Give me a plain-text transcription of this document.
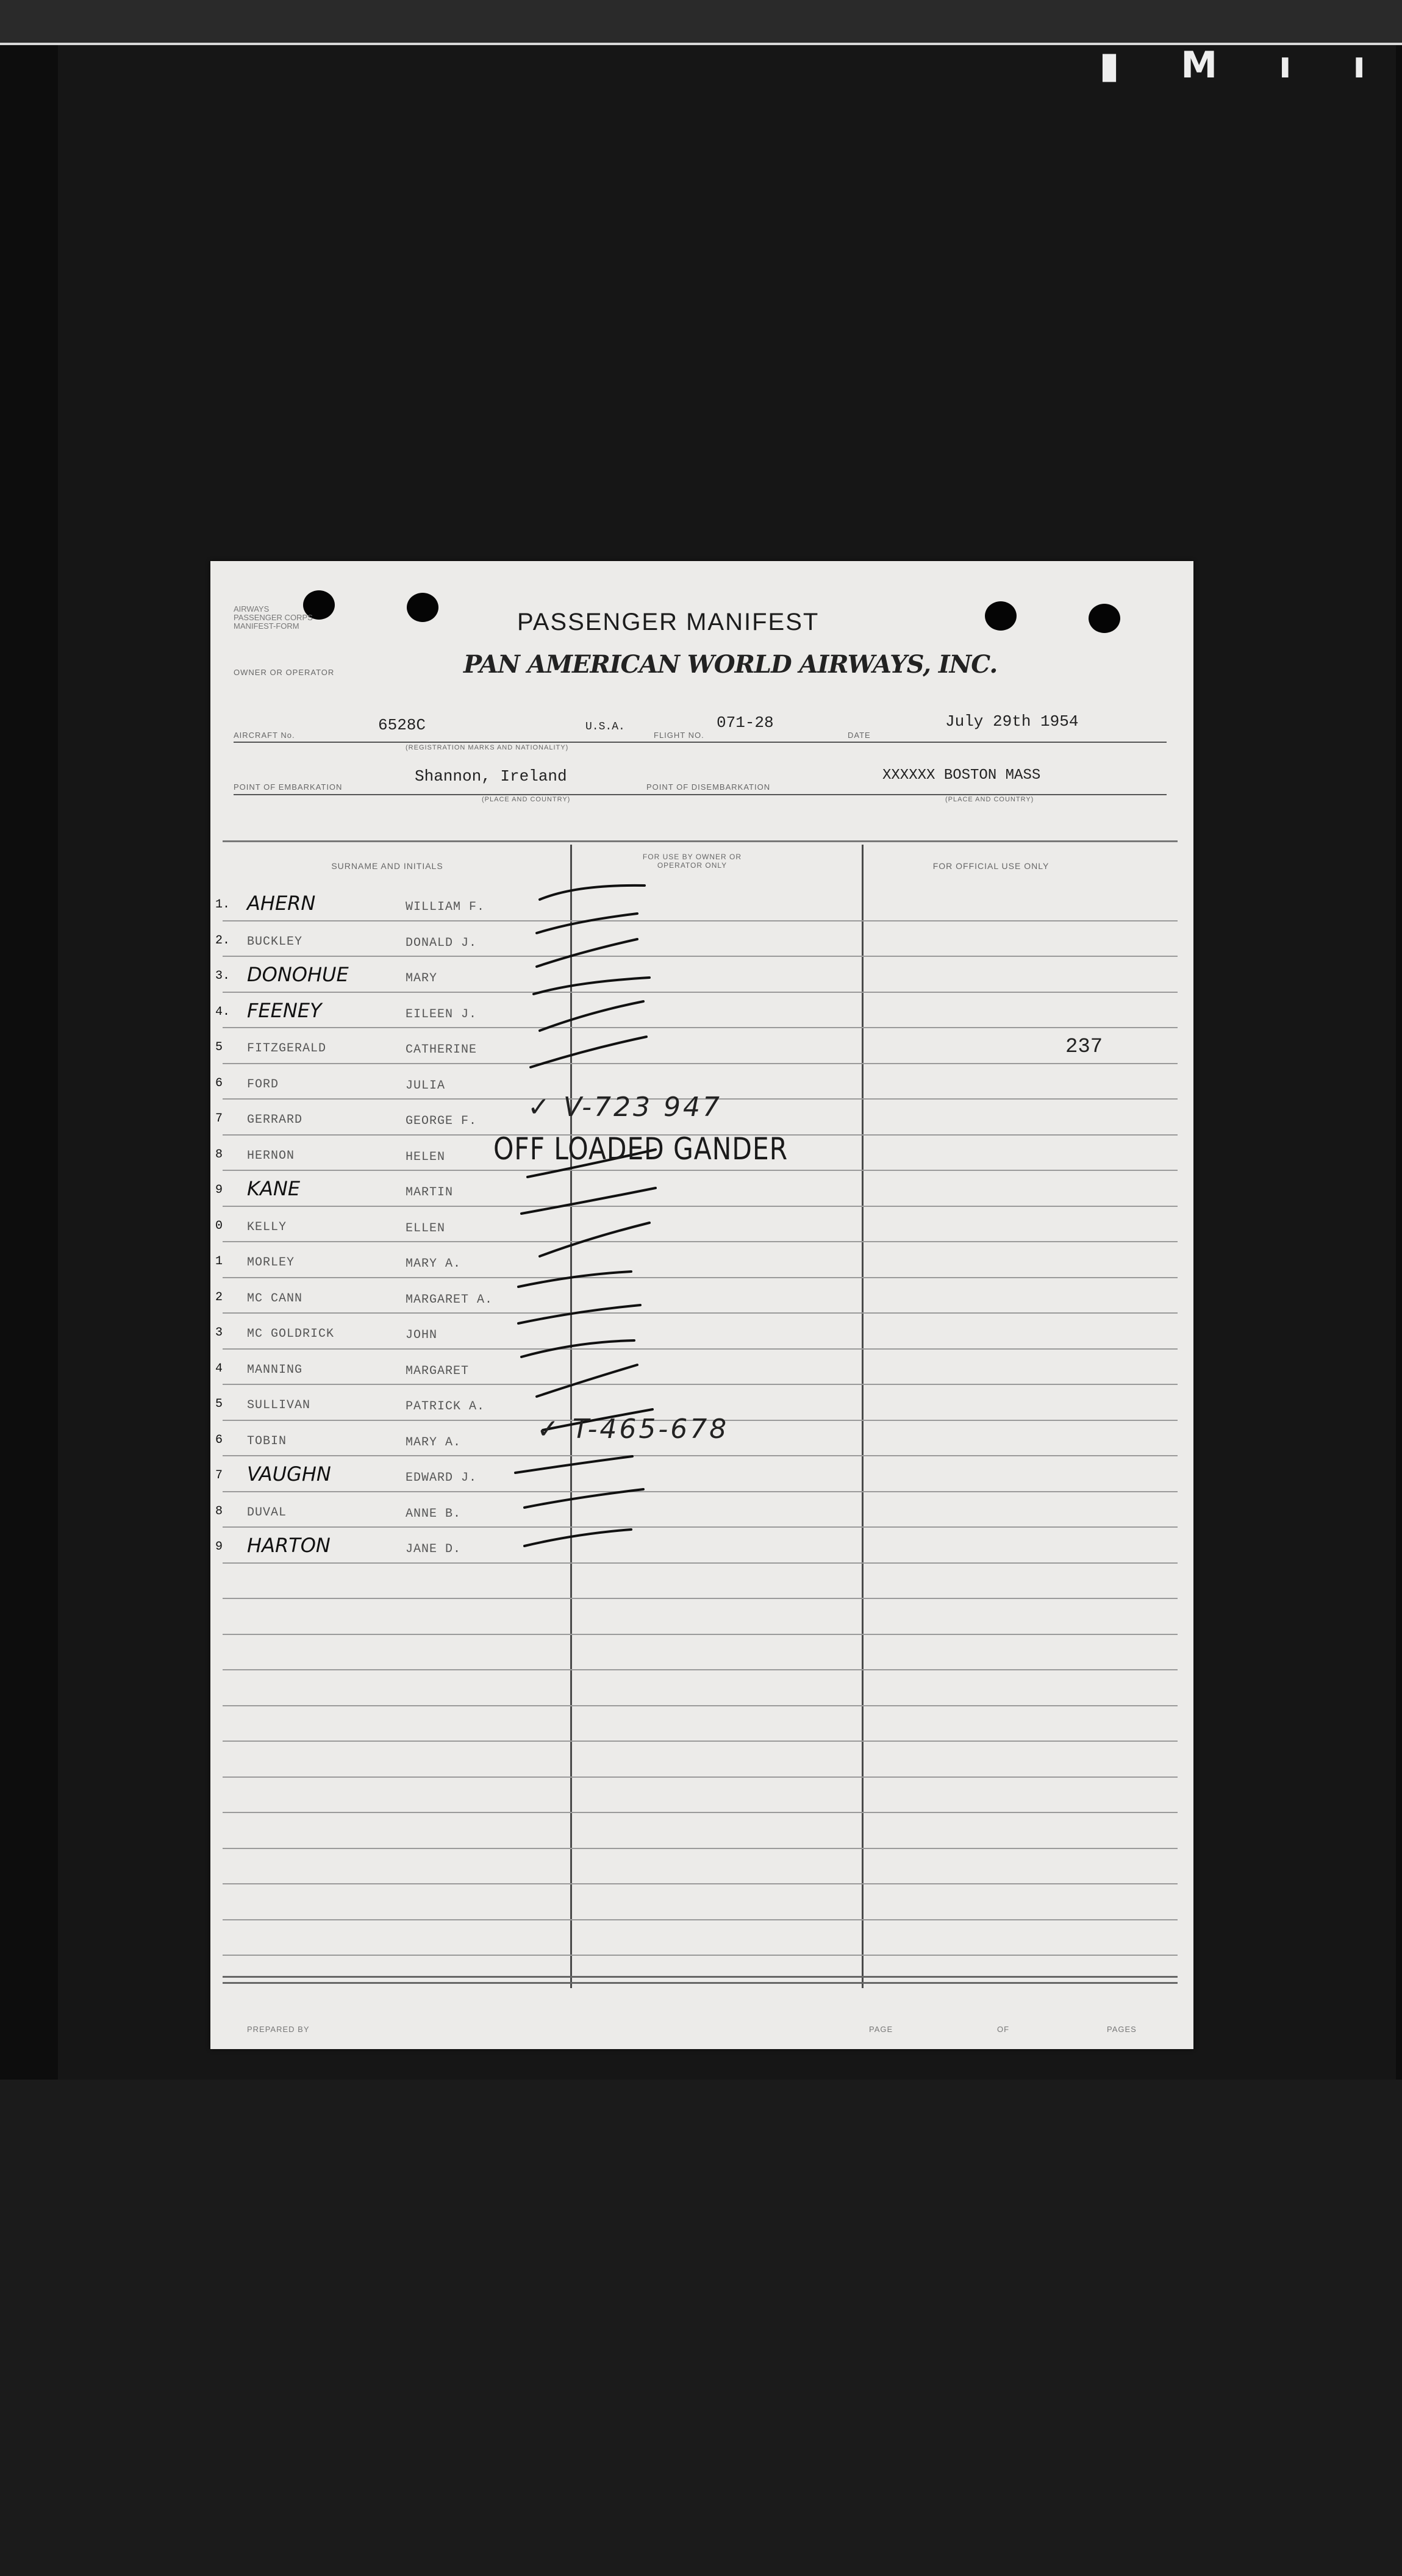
▮ M ı ı
AIRWAYS
PASSENGER CORPS
MANIFEST-FORM	PASSENGER MANIFEST
PAN AMERICAN WORLD AIRWAYS, INC.
OWNER OR OPERATOR
AIRCRAFT No.
6528C	U.S.A.
FLIGHT NO.
071-28
DATE
July 29th 1954
(REGISTRATION MARKS AND NATIONALITY)
POINT OF EMBARKATION
Shannon, Ireland
POINT OF DISEMBARKATION
XXXXXX BOSTON MASS
(PLACE AND COUNTRY)	(PLACE AND COUNTRY)
SURNAME AND INITIALS
FOR USE BY OWNER OR OPERATOR ONLY	FOR OFFICIAL USE ONLY
1. AHERN	WILLIAM F.
2. BUCKLEY	DONALD J.
3. DONOHUE	MARY
4. FEENEY	EILEEN J.
5 FITZGERALD	CATHERINE
6 FORD	JULIA
7 GERRARD	GEORGE F.
8 HERNON	HELEN
9 KANE	MARTIN
0 KELLY	ELLEN
1 MORLEY	MARY A.
2 MC CANN	MARGARET A.
3 MC GOLDRICK	JOHN
4 MANNING	MARGARET
5 SULLIVAN	PATRICK A.
6 TOBIN	MARY A.
7 VAUGHN	EDWARD J.
8 DUVAL	ANNE B.
9 HARTON	JANE D.
237
✓ V-723 947
OFF LOADED GANDER
✓ T-465-678
PREPARED BY	PAGE	OF	PAGES
